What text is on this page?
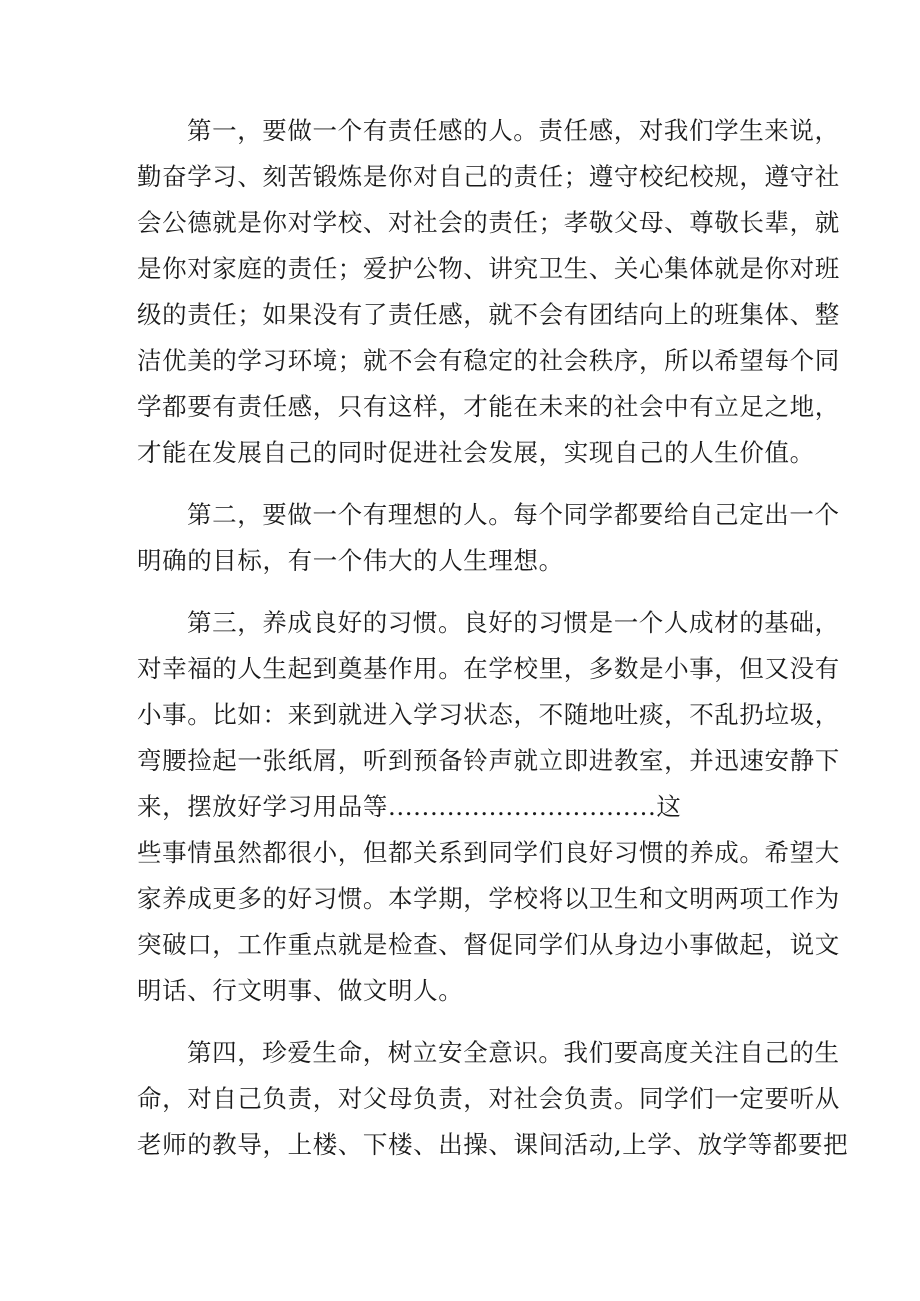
第一，要做一个有责任感的人。责任感，对我们学生来说，
勤奋学习、刻苦锻炼是你对自己的责任；遵守校纪校规，遵守社
会公德就是你对学校、对社会的责任；孝敬父母、尊敬长辈，就
是你对家庭的责任；爱护公物、讲究卫生、关心集体就是你对班
级的责任；如果没有了责任感，就不会有团结向上的班集体、整
洁优美的学习环境；就不会有稳定的社会秩序，所以希望每个同
学都要有责任感，只有这样，才能在未来的社会中有立足之地，
才能在发展自己的同时促进社会发展，实现自己的人生价值。
第二，要做一个有理想的人。每个同学都要给自己定出一个
明确的目标，有一个伟大的人生理想。
第三，养成良好的习惯。良好的习惯是一个人成材的基础，
对幸福的人生起到奠基作用。在学校里，多数是小事，但又没有
小事。比如：来到就进入学习状态，不随地吐痰，不乱扔垃圾，
弯腰捡起一张纸屑，听到预备铃声就立即进教室，并迅速安静下
来，摆放好学习用品等................................这
些事情虽然都很小，但都关系到同学们良好习惯的养成。希望大
家养成更多的好习惯。本学期，学校将以卫生和文明两项工作为
突破口，工作重点就是检查、督促同学们从身边小事做起，说文
明话、行文明事、做文明人。
第四，珍爱生命，树立安全意识。我们要高度关注自己的生
命，对自己负责，对父母负责，对社会负责。同学们一定要听从
老师的教导，上楼、下楼、出操、课间活动,上学、放学等都要把
